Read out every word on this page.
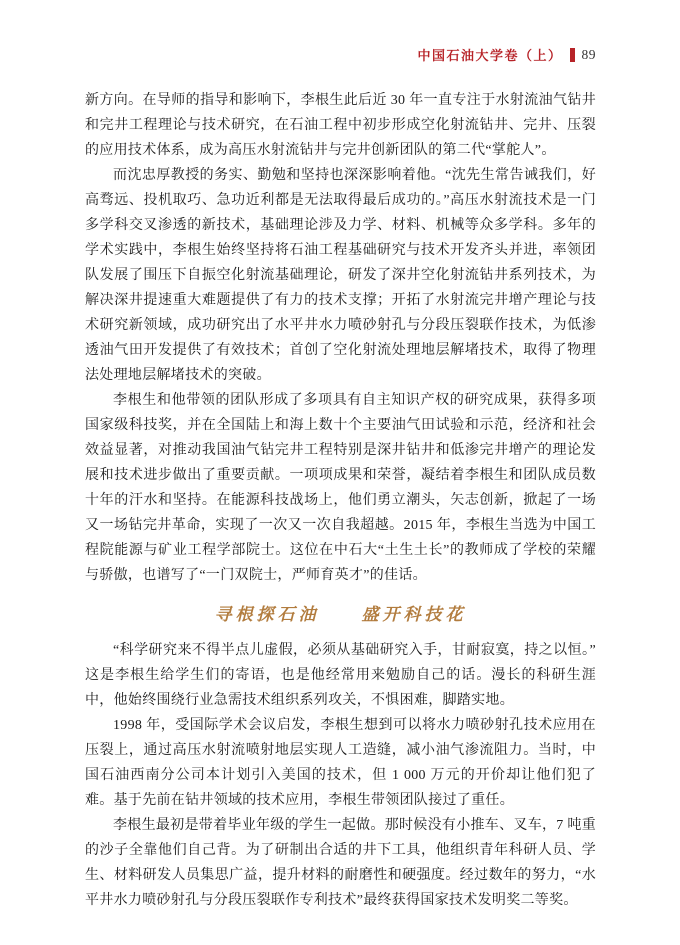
中国石油大学卷（上） 89

新方向。在导师的指导和影响下，李根生此后近 30 年一直专注于水射流油气钻井和完井工程理论与技术研究，在石油工程中初步形成空化射流钻井、完井、压裂的应用技术体系，成为高压水射流钻井与完井创新团队的第二代“掌舵人”。

而沈忠厚教授的务实、勤勉和坚持也深深影响着他。“沈先生常告诫我们，好高骛远、投机取巧、急功近利都是无法取得最后成功的。”高压水射流技术是一门多学科交叉渗透的新技术，基础理论涉及力学、材料、机械等众多学科。多年的学术实践中，李根生始终坚持将石油工程基础研究与技术开发齐头并进，率领团队发展了围压下自振空化射流基础理论，研发了深井空化射流钻井系列技术，为解决深井提速重大难题提供了有力的技术支撑；开拓了水射流完井增产理论与技术研究新领域，成功研究出了水平井水力喷砂射孔与分段压裂联作技术，为低渗透油气田开发提供了有效技术；首创了空化射流处理地层解堵技术，取得了物理法处理地层解堵技术的突破。

李根生和他带领的团队形成了多项具有自主知识产权的研究成果，获得多项国家级科技奖，并在全国陆上和海上数十个主要油气田试验和示范，经济和社会效益显著，对推动我国油气钻完井工程特别是深井钻井和低渗完井增产的理论发展和技术进步做出了重要贡献。一项项成果和荣誉，凝结着李根生和团队成员数十年的汗水和坚持。在能源科技战场上，他们勇立潮头，矢志创新，掀起了一场又一场钻完井革命，实现了一次又一次自我超越。2015 年，李根生当选为中国工程院能源与矿业工程学部院士。这位在中石大“土生土长”的教师成了学校的荣耀与骄傲，也谱写了“一门双院士，严师育英才”的佳话。

寻根探石油　　盛开科技花

“科学研究来不得半点儿虚假，必须从基础研究入手，甘耐寂寞，持之以恒。”这是李根生给学生们的寄语，也是他经常用来勉励自己的话。漫长的科研生涯中，他始终围绕行业急需技术组织系列攻关，不惧困难，脚踏实地。

1998 年，受国际学术会议启发，李根生想到可以将水力喷砂射孔技术应用在压裂上，通过高压水射流喷射地层实现人工造缝，减小油气渗流阻力。当时，中国石油西南分公司本计划引入美国的技术，但 1 000 万元的开价却让他们犯了难。基于先前在钻井领域的技术应用，李根生带领团队接过了重任。

李根生最初是带着毕业年级的学生一起做。那时候没有小推车、叉车，7 吨重的沙子全靠他们自己背。为了研制出合适的井下工具，他组织青年科研人员、学生、材料研发人员集思广益，提升材料的耐磨性和硬强度。经过数年的努力，“水平井水力喷砂射孔与分段压裂联作专利技术”最终获得国家技术发明奖二等奖。
